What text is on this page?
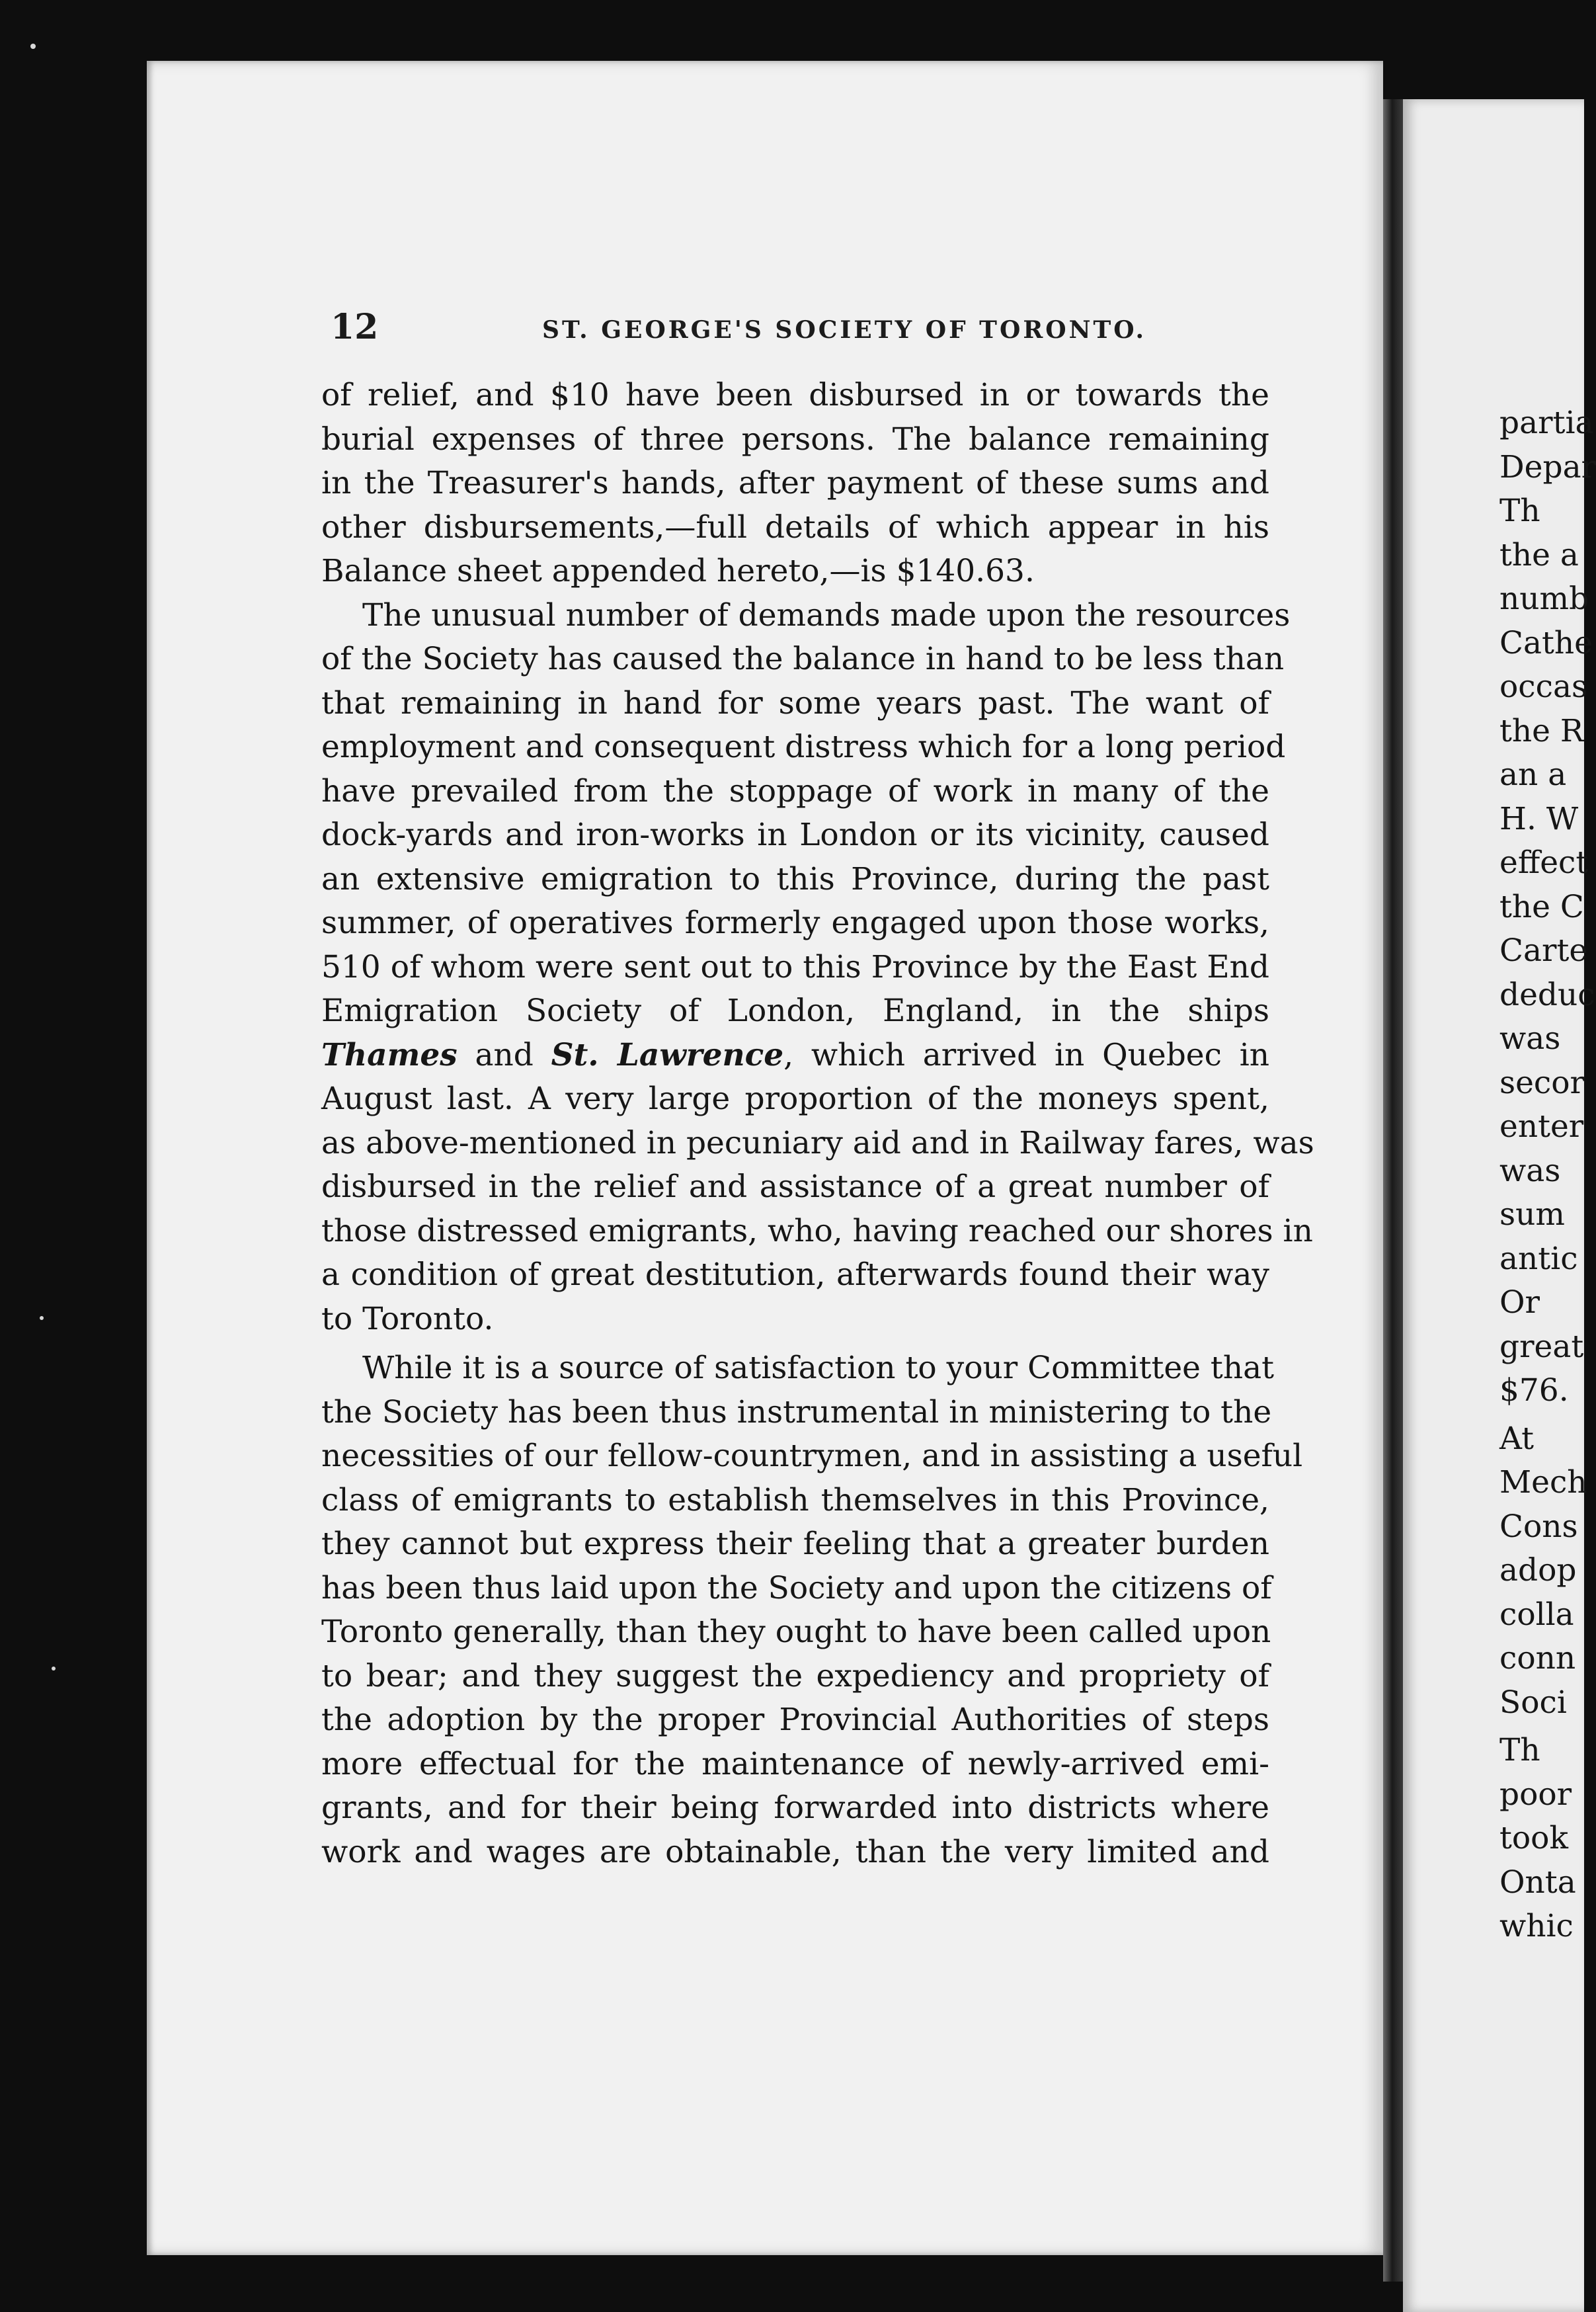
12	ST. GEORGE'S SOCIETY OF TORONTO.
of relief, and $10 have been disbursed in or towards the
burial expenses of three persons. The balance remaining
in the Treasurer's hands, after payment of these sums and
other disbursements,—full details of which appear in his
Balance sheet appended hereto,—is $140.63.
The unusual number of demands made upon the resources
of the Society has caused the balance in hand to be less than
that remaining in hand for some years past. The want of
employment and consequent distress which for a long period
have prevailed from the stoppage of work in many of the
dock-yards and iron-works in London or its vicinity, caused
an extensive emigration to this Province, during the past
summer, of operatives formerly engaged upon those works,
510 of whom were sent out to this Province by the East End
Emigration Society of London, England, in the ships
Thames and St. Lawrence, which arrived in Quebec in
August last. A very large proportion of the moneys spent,
as above-mentioned in pecuniary aid and in Railway fares, was
disbursed in the relief and assistance of a great number of
those distressed emigrants, who, having reached our shores in
a condition of great destitution, afterwards found their way
to Toronto.
While it is a source of satisfaction to your Committee that
the Society has been thus instrumental in ministering to the
necessities of our fellow-countrymen, and in assisting a useful
class of emigrants to establish themselves in this Province,
they cannot but express their feeling that a greater burden
has been thus laid upon the Society and upon the citizens of
Toronto generally, than they ought to have been called upon
to bear; and they suggest the expediency and propriety of
the adoption by the proper Provincial Authorities of steps
more effectual for the maintenance of newly-arrived emi-
grants, and for their being forwarded into districts where
work and wages are obtainable, than the very limited and
partia
Depar
Th
the a
numb
Cathe
occas
the R
an a
H. W
effect
the C
Carte
deduc
was
secor
enter
was
sum
antic
Or
great
$76.
At
Mech
Cons
adop
colla
conn
Soci
Th
poor
took
Onta
whic
